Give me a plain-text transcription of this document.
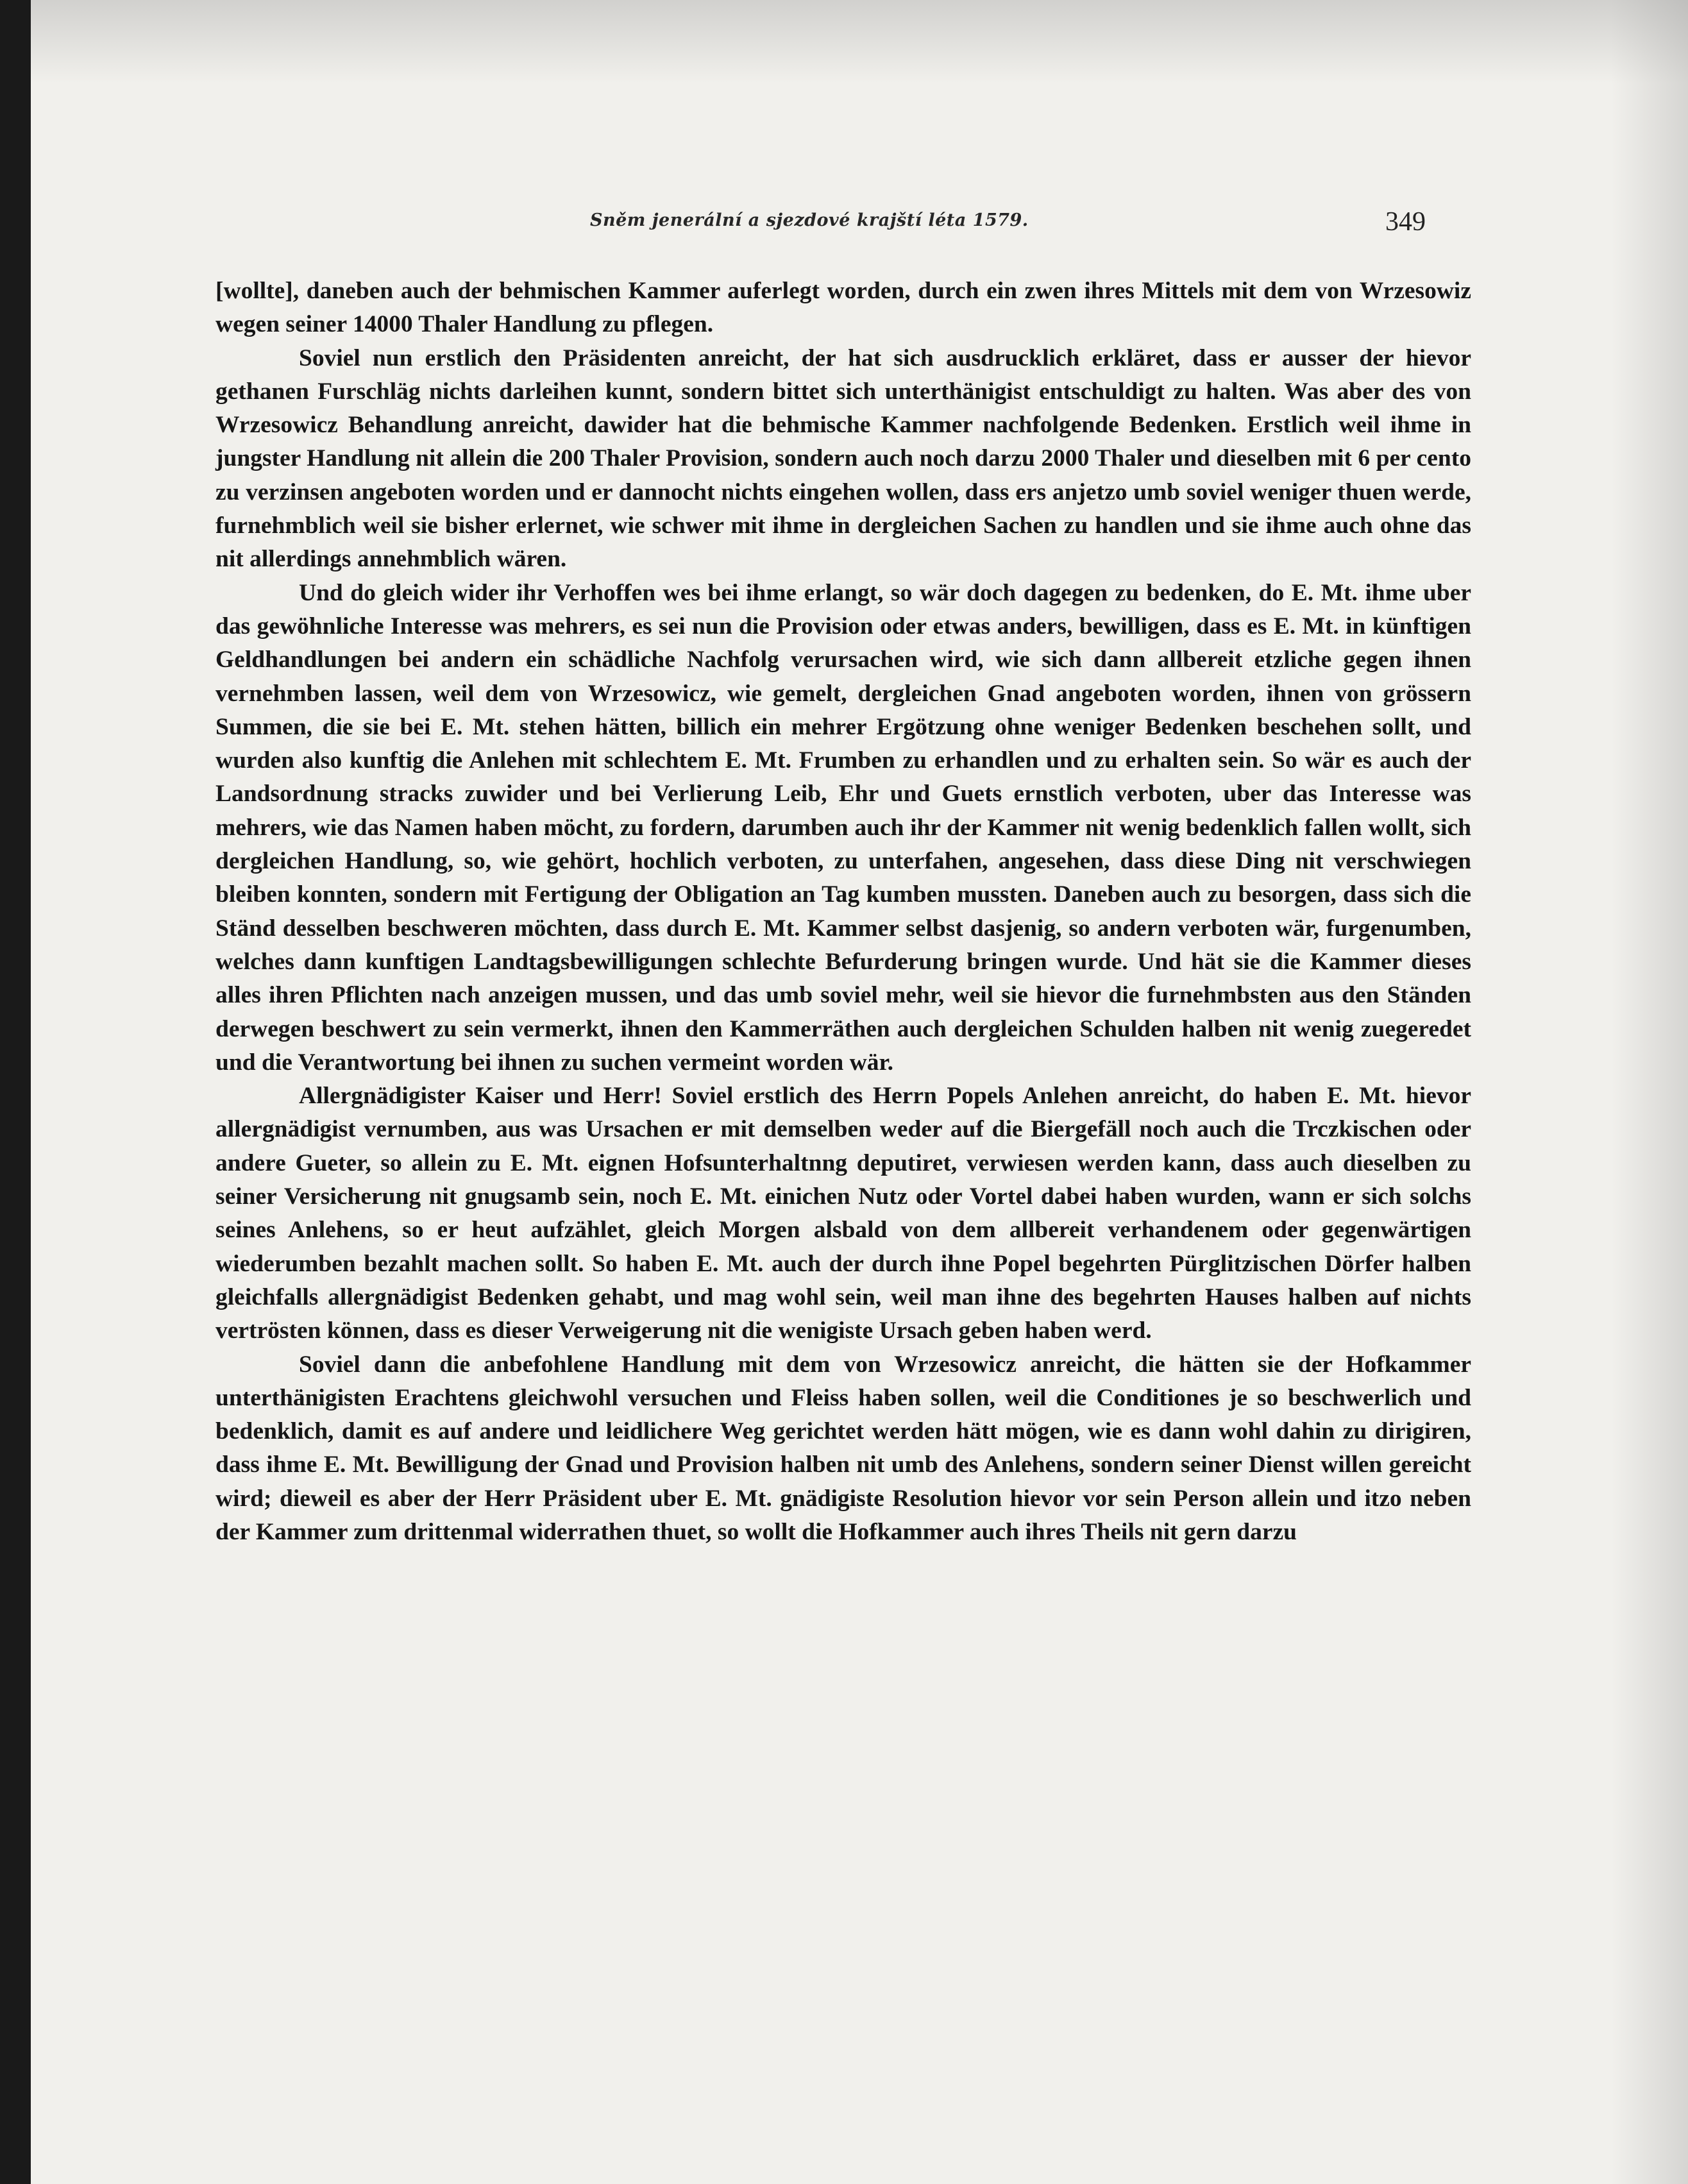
Sněm jenerální a sjezdové krajští léta 1579.	349

[wollte], daneben auch der behmischen Kammer auferlegt worden, durch ein zwen ihres Mittels mit dem von Wrzesowiz wegen seiner 14000 Thaler Handlung zu pflegen.

Soviel nun erstlich den Präsidenten anreicht, der hat sich ausdrucklich erkläret, dass er ausser der hievor gethanen Furschläg nichts darleihen kunnt, sondern bittet sich unterthänigist entschuldigt zu halten. Was aber des von Wrzesowicz Behandlung anreicht, dawider hat die behmische Kammer nachfolgende Bedenken. Erstlich weil ihme in jungster Handlung nit allein die 200 Thaler Provision, sondern auch noch darzu 2000 Thaler und dieselben mit 6 per cento zu verzinsen angeboten worden und er dannocht nichts eingehen wollen, dass ers anjetzo umb soviel weniger thuen werde, furnehmblich weil sie bisher erlernet, wie schwer mit ihme in dergleichen Sachen zu handlen und sie ihme auch ohne das nit allerdings annehmblich wären.

Und do gleich wider ihr Verhoffen wes bei ihme erlangt, so wär doch dagegen zu bedenken, do E. Mt. ihme uber das gewöhnliche Interesse was mehrers, es sei nun die Provision oder etwas anders, bewilligen, dass es E. Mt. in künftigen Geldhandlungen bei andern ein schädliche Nachfolg verursachen wird, wie sich dann allbereit etzliche gegen ihnen vernehmben lassen, weil dem von Wrzesowicz, wie gemelt, dergleichen Gnad angeboten worden, ihnen von grössern Summen, die sie bei E. Mt. stehen hätten, billich ein mehrer Ergötzung ohne weniger Bedenken beschehen sollt, und wurden also kunftig die Anlehen mit schlechtem E. Mt. Frumben zu erhandlen und zu erhalten sein. So wär es auch der Landsordnung stracks zuwider und bei Verlierung Leib, Ehr und Guets ernstlich verboten, uber das Interesse was mehrers, wie das Namen haben möcht, zu fordern, darumben auch ihr der Kammer nit wenig bedenklich fallen wollt, sich dergleichen Handlung, so, wie gehört, hochlich verboten, zu unterfahen, angesehen, dass diese Ding nit verschwiegen bleiben konnten, sondern mit Fertigung der Obligation an Tag kumben mussten. Daneben auch zu besorgen, dass sich die Ständ desselben beschweren möchten, dass durch E. Mt. Kammer selbst dasjenig, so andern verboten wär, furgenumben, welches dann kunftigen Landtagsbewilligungen schlechte Befurderung bringen wurde. Und hät sie die Kammer dieses alles ihren Pflichten nach anzeigen mussen, und das umb soviel mehr, weil sie hievor die furnehmbsten aus den Ständen derwegen beschwert zu sein vermerkt, ihnen den Kammerräthen auch dergleichen Schulden halben nit wenig zuegeredet und die Verantwortung bei ihnen zu suchen vermeint worden wär.

Allergnädigister Kaiser und Herr! Soviel erstlich des Herrn Popels Anlehen anreicht, do haben E. Mt. hievor allergnädigist vernumben, aus was Ursachen er mit demselben weder auf die Biergefäll noch auch die Trczkischen oder andere Gueter, so allein zu E. Mt. eignen Hofsunterhaltnng deputiret, verwiesen werden kann, dass auch dieselben zu seiner Versicherung nit gnugsamb sein, noch E. Mt. einichen Nutz oder Vortel dabei haben wurden, wann er sich solchs seines Anlehens, so er heut aufzählet, gleich Morgen alsbald von dem allbereit verhandenem oder gegenwärtigen wiederumben bezahlt machen sollt. So haben E. Mt. auch der durch ihne Popel begehrten Pürglitzischen Dörfer halben gleichfalls allergnädigist Bedenken gehabt, und mag wohl sein, weil man ihne des begehrten Hauses halben auf nichts vertrösten können, dass es dieser Verweigerung nit die wenigiste Ursach geben haben werd.

Soviel dann die anbefohlene Handlung mit dem von Wrzesowicz anreicht, die hätten sie der Hofkammer unterthänigisten Erachtens gleichwohl versuchen und Fleiss haben sollen, weil die Conditiones je so beschwerlich und bedenklich, damit es auf andere und leidlichere Weg gerichtet werden hätt mögen, wie es dann wohl dahin zu dirigiren, dass ihme E. Mt. Bewilligung der Gnad und Provision halben nit umb des Anlehens, sondern seiner Dienst willen gereicht wird; dieweil es aber der Herr Präsident uber E. Mt. gnädigiste Resolution hievor vor sein Person allein und itzo neben der Kammer zum drittenmal widerrathen thuet, so wollt die Hofkammer auch ihres Theils nit gern darzu
